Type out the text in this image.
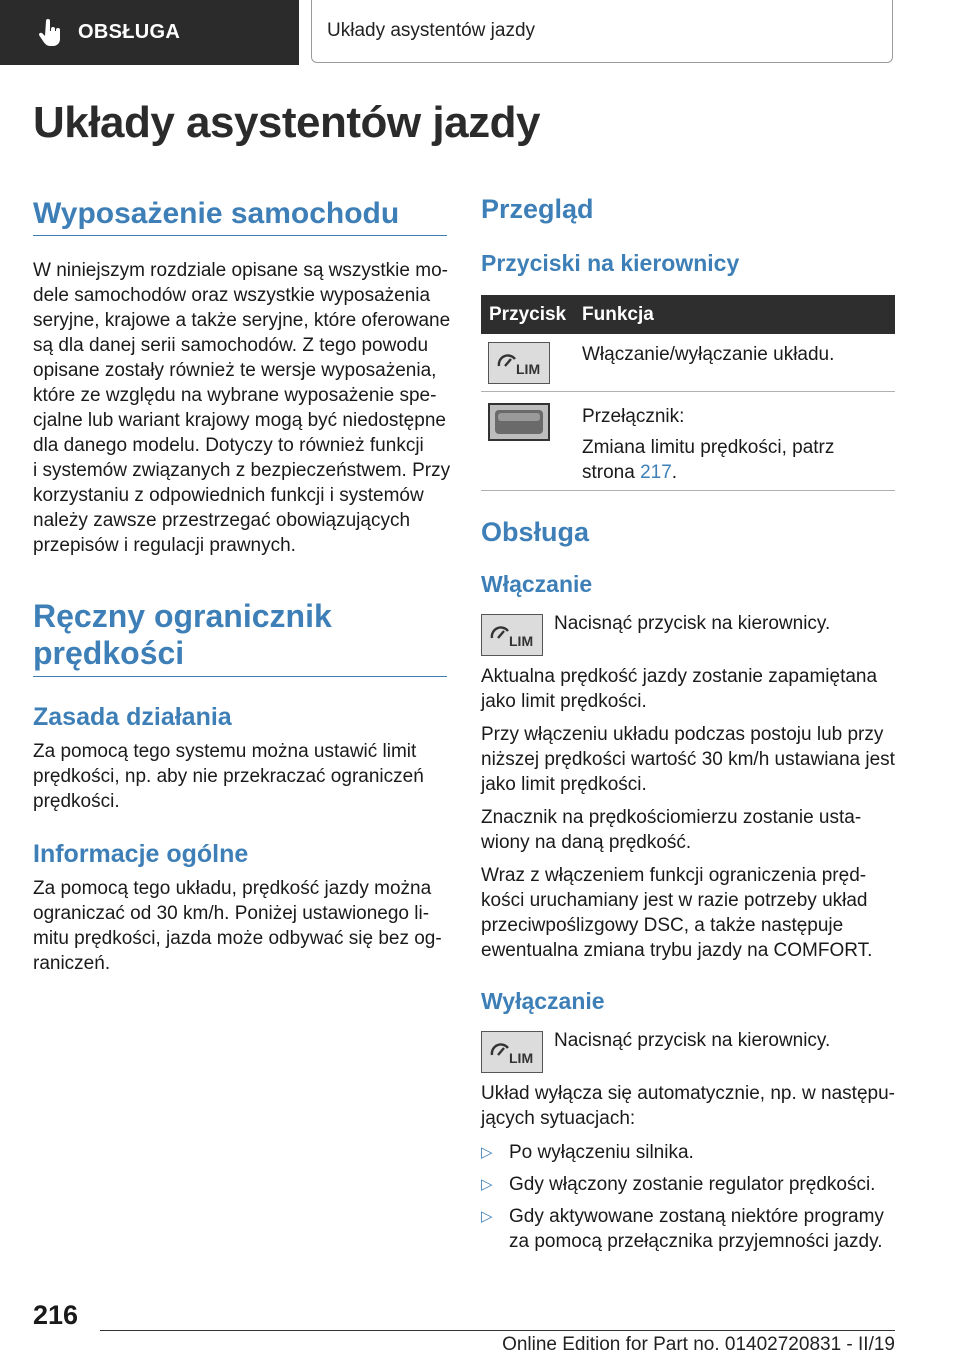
OBSŁUGA	Układy asystentów jazdy
Układy asystentów jazdy
Wyposażenie samochodu

W niniejszym rozdziale opisane są wszystkie mo-

dele samochodów oraz wszystkie wyposażenia

seryjne, krajowe a także seryjne, które oferowane

są dla danej serii samochodów. Z tego powodu

opisane zostały również te wersje wyposażenia,

które ze względu na wybrane wyposażenie spe-

cjalne lub wariant krajowy mogą być niedostępne

dla danego modelu. Dotyczy to również funkcji

i systemów związanych z bezpieczeństwem. Przy

korzystaniu z odpowiednich funkcji i systemów

należy zawsze przestrzegać obowiązujących

przepisów i regulacji prawnych.

Ręczny ogranicznik
prędkości
Zasada działania

Za pomocą tego systemu można ustawić limit

prędkości, np. aby nie przekraczać ograniczeń

prędkości.

Informacje ogólne

Za pomocą tego układu, prędkość jazdy można

ograniczać od 30 km/h. Poniżej ustawionego li-

mitu prędkości, jazda może odbywać się bez og-

raniczeń.

Przegląd
Przyciski na kierownicy
Przycisk Funkcja
LIM

Włączanie/wyłączanie układu.

Przełącznik:

Zmiana limitu prędkości, patrz

strona 217.

Obsługa
Włączanie
LIM

Nacisnąć przycisk na kierownicy.

Aktualna prędkość jazdy zostanie zapamiętana

jako limit prędkości.

Przy włączeniu układu podczas postoju lub przy

niższej prędkości wartość 30 km/h ustawiana jest

jako limit prędkości.

Znacznik na prędkościomierzu zostanie usta-

wiony na daną prędkość.

Wraz z włączeniem funkcji ograniczenia pręd-

kości uruchamiany jest w razie potrzeby układ

przeciwpoślizgowy DSC, a także następuje

ewentualna zmiana trybu jazdy na COMFORT.

Wyłączanie
LIM

Nacisnąć przycisk na kierownicy.

Układ wyłącza się automatycznie, np. w następu-

jących sytuacjach:

▷ Po wyłączeniu silnika.
▷ Gdy włączony zostanie regulator prędkości.
▷ Gdy aktywowane zostaną niektóre programy

za pomocą przełącznika przyjemności jazdy.

216
Online Edition for Part no. 01402720831 - II/19
